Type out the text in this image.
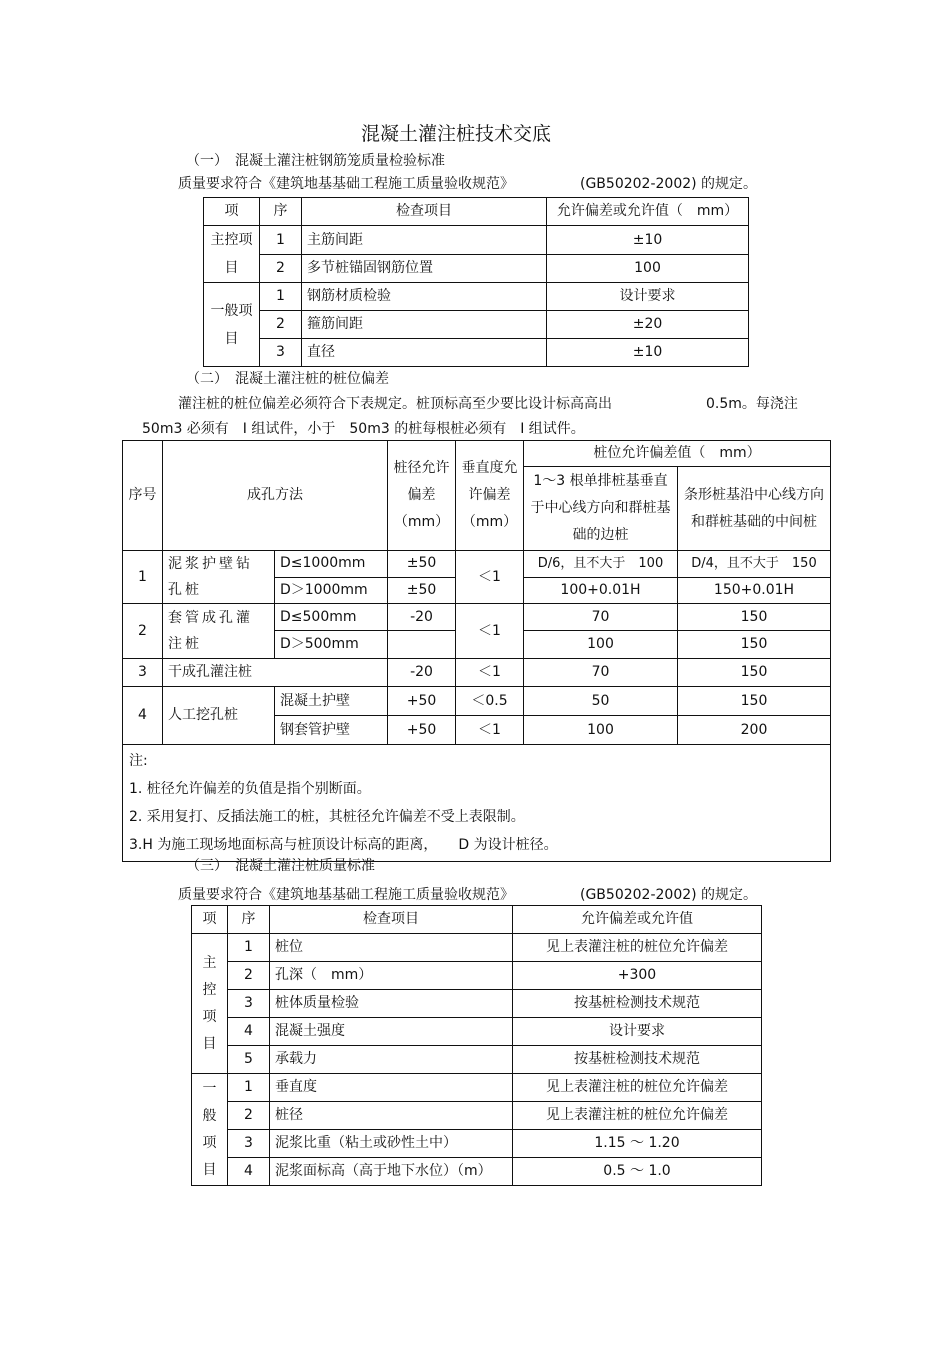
混凝土灌注桩技术交底
（一）　混凝土灌注桩钢筋笼质量检验标准
质量要求符合《建筑地基基础工程施工质量验收规范》	(GB50202-2002) 的规定。
项	序	检查项目	允许偏差或允许值（　mm）
主控项目	1	主筋间距	±10
	2	多节桩锚固钢筋位置	100
一般项目	1	钢筋材质检验	设计要求
	2	箍筋间距	±20
	3	直径	±10
（二）　混凝土灌注桩的桩位偏差
灌注桩的桩位偏差必须符合下表规定。桩顶标高至少要比设计标高高出	0.5m。每浇注
50m3 必须有　I 组试件，小于　50m3 的桩每根桩必须有　I 组试件。
序号	成孔方法		桩径允许偏差（mm）	垂直度允许偏差（mm）	桩位允许偏差值（　mm）	
					1～3 根单排桩基垂直于中心线方向和群桩基础的边桩	条形桩基沿中心线方向和群桩基础的中间桩
1	泥浆护壁钻孔桩	D≤1000mm	±50	＜1	D/6，且不大于　100	D/4，且不大于　150
		D＞1000mm	±50		100+0.01H	150+0.01H
2	套管成孔灌注桩	D≤500mm	-20	＜1	70	150
		D＞500mm			100	150
3	干成孔灌注桩		-20	＜1	70	150
4	人工挖孔桩	混凝土护壁	+50	＜0.5	50	150
		钢套管护壁	+50	＜1	100	200

注:
1. 桩径允许偏差的负值是指个别断面。
2. 采用复打、反插法施工的桩，其桩径允许偏差不受上表限制。
3.H 为施工现场地面标高与桩顶设计标高的距离，　　D 为设计桩径。						
（三）　混凝土灌注桩质量标准
质量要求符合《建筑地基基础工程施工质量验收规范》	(GB50202-2002) 的规定。
项	序	检查项目	允许偏差或允许值

主
控
项
目	1	桩位	见上表灌注桩的桩位允许偏差
	2	孔深（　mm）	+300
	3	桩体质量检验	按基桩检测技术规范
	4	混凝土强度	设计要求
	5	承载力	按基桩检测技术规范

一
般
项
目	1	垂直度	见上表灌注桩的桩位允许偏差
	2	桩径	见上表灌注桩的桩位允许偏差
	3	泥浆比重（粘土或砂性土中）	1.15 ～ 1.20
	4	泥浆面标高（高于地下水位）（m）	0.5 ～ 1.0
